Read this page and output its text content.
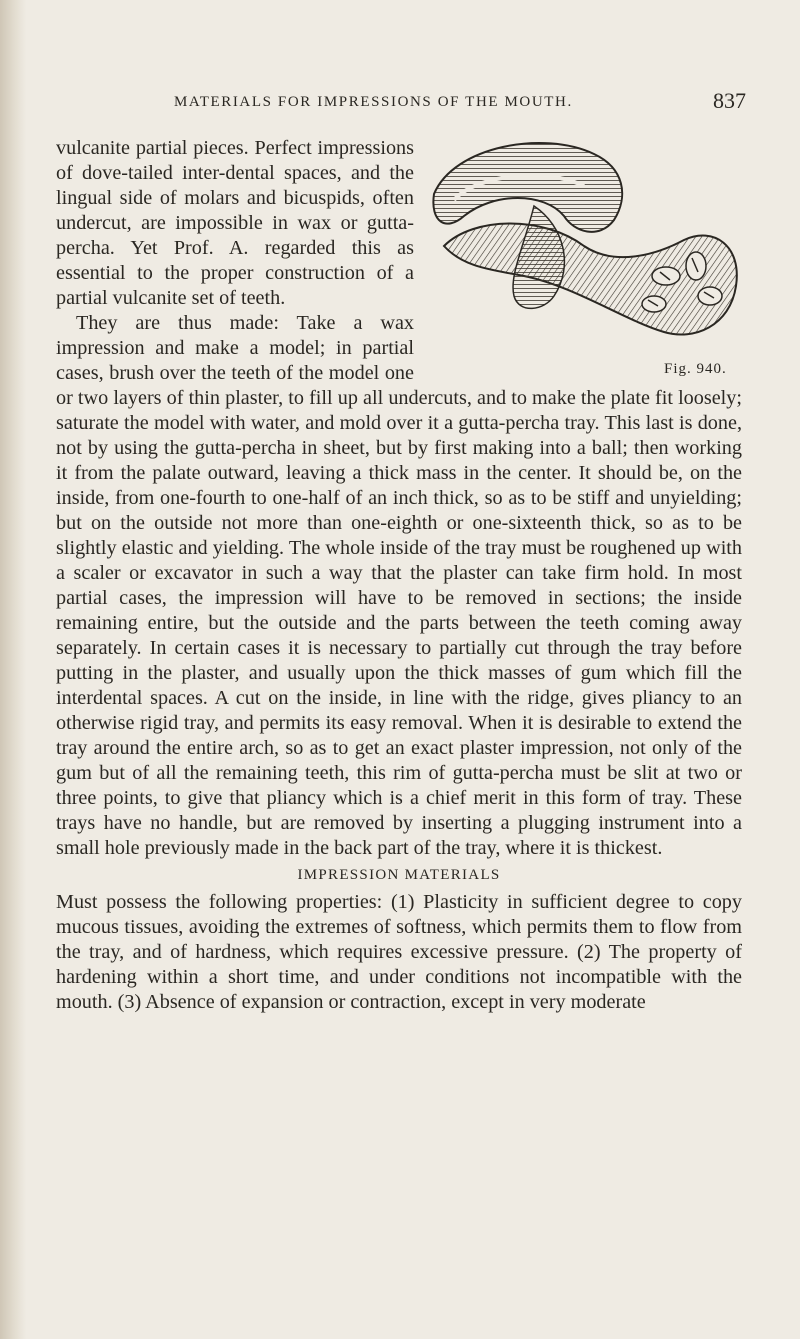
MATERIALS FOR IMPRESSIONS OF THE MOUTH.	837
Fig. 940.

vulcanite partial pieces. Perfect impressions of dove-tailed inter-dental spaces, and the lingual side of molars and bicuspids, often undercut, are impossible in wax or gutta-percha. Yet Prof. A. regarded this as essential to the proper construction of a partial vulcanite set of teeth.

They are thus made: Take a wax impression and make a model; in partial cases, brush over the teeth of the model one or two layers of thin plaster, to fill up all undercuts, and to make the plate fit loosely; saturate the model with water, and mold over it a gutta-percha tray. This last is done, not by using the gutta-percha in sheet, but by first making into a ball; then working it from the palate outward, leaving a thick mass in the center. It should be, on the inside, from one-fourth to one-half of an inch thick, so as to be stiff and unyielding; but on the outside not more than one-eighth or one-sixteenth thick, so as to be slightly elastic and yielding. The whole inside of the tray must be roughened up with a scaler or excavator in such a way that the plaster can take firm hold. In most partial cases, the impression will have to be removed in sections; the inside remaining entire, but the outside and the parts between the teeth coming away separately. In certain cases it is necessary to partially cut through the tray before putting in the plaster, and usually upon the thick masses of gum which fill the interdental spaces. A cut on the inside, in line with the ridge, gives pliancy to an otherwise rigid tray, and permits its easy removal. When it is desirable to extend the tray around the entire arch, so as to get an exact plaster impression, not only of the gum but of all the remaining teeth, this rim of gutta-percha must be slit at two or three points, to give that pliancy which is a chief merit in this form of tray. These trays have no handle, but are removed by inserting a plugging instrument into a small hole previously made in the back part of the tray, where it is thickest.

IMPRESSION MATERIALS

Must possess the following properties: (1) Plasticity in sufficient degree to copy mucous tissues, avoiding the extremes of softness, which permits them to flow from the tray, and of hardness, which requires excessive pressure. (2) The property of hardening within a short time, and under conditions not incompatible with the mouth. (3) Absence of expansion or contraction, except in very moderate
